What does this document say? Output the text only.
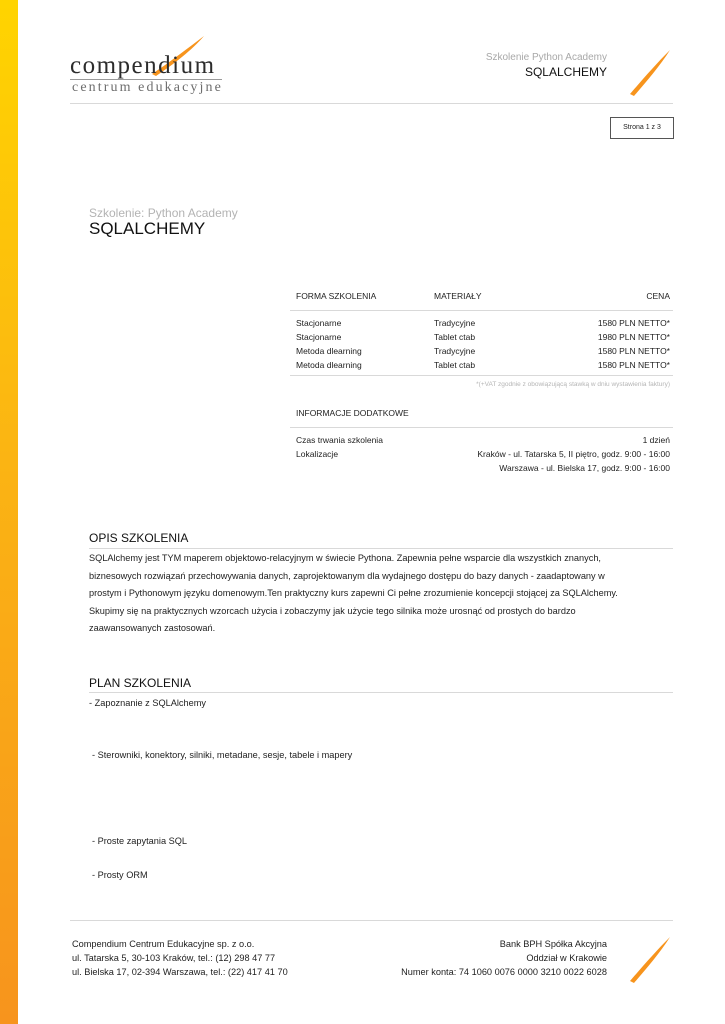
compendium
centrum edukacyjne
Szkolenie Python Academy
SQLALCHEMY
Strona 1 z 3
Szkolenie: Python Academy
SQLALCHEMY
FORMA SZKOLENIA	MATERIAŁY	CENA
Stacjonarne	Tradycyjne	1580 PLN NETTO*
Stacjonarne	Tablet ctab	1980 PLN NETTO*
Metoda dlearning	Tradycyjne	1580 PLN NETTO*
Metoda dlearning	Tablet ctab	1580 PLN NETTO*
*(+VAT zgodnie z obowiązującą stawką w dniu wystawienia faktury)
INFORMACJE DODATKOWE
Czas trwania szkolenia	1 dzień
Lokalizacje	Kraków - ul. Tatarska 5, II piętro, godz. 9:00 - 16:00
Warszawa - ul. Bielska 17, godz. 9:00 - 16:00
OPIS SZKOLENIA
SQLAlchemy jest TYM maperem objektowo-relacyjnym w świecie Pythona. Zapewnia pełne wsparcie dla wszystkich znanych,
biznesowych rozwiązań przechowywania danych, zaprojektowanym dla wydajnego dostępu do bazy danych - zaadaptowany w
prostym i Pythonowym języku domenowym.Ten praktyczny kurs zapewni Ci pełne zrozumienie koncepcji stojącej za SQLAlchemy.
Skupimy się na praktycznych wzorcach użycia i zobaczymy jak użycie tego silnika może urosnąć od prostych do bardzo
zaawansowanych zastosowań.
PLAN SZKOLENIA
- Zapoznanie z SQLAlchemy
- Sterowniki, konektory, silniki, metadane, sesje, tabele i mapery
- Proste zapytania SQL
- Prosty ORM
Compendium Centrum Edukacyjne sp. z o.o.
ul. Tatarska 5, 30-103 Kraków, tel.: (12) 298 47 77
ul. Bielska 17, 02-394 Warszawa, tel.: (22) 417 41 70
Bank BPH Spółka Akcyjna
Oddział w Krakowie
Numer konta: 74 1060 0076 0000 3210 0022 6028
